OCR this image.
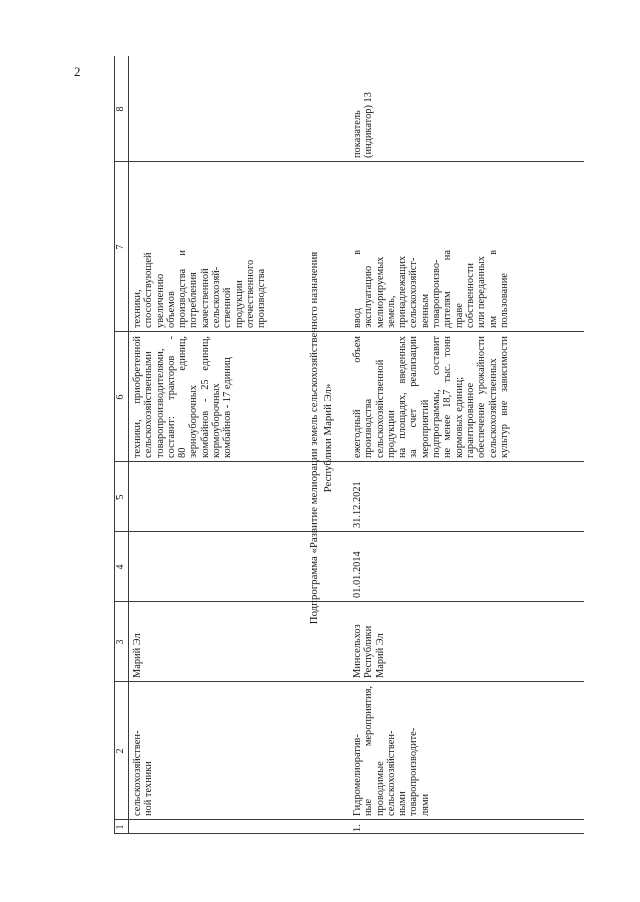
2
1
2
3
4
5
6
7
8
сельскохозяйствен- ной техники
Марий Эл
техники,
приобретенной сельскохозяйственными товаропроизводителями, составит:
тракторов
-
80
единиц,
зерноуборочных комбайнов
-
25
единиц,
кормоуборочных комбайнов - 17 единиц
техники, способствующей увеличению объемов производства
и
потребления качественной сельскохозяй- ственной продукции отечественного производства	Подпрограмма «Развитие мелиорации земель сельскохозяйственного назначения Республики Марий Эл»
1.
Гидромелиоратив- ные
мероприятия,
проводимые сельскохозяйствен- ными товаропроизводите- лями
Минсельхоз Республики Марий Эл
01.01.2014
31.12.2021
ежегодный
объем
производства сельскохозяйственной продукции на
площадях,
введенных
за
счет
реализации
мероприятий подпрограммы,
составит
не
менее
18,7
тыс.
тонн
кормовых единиц; гарантированное обеспечение
урожайности сельскохозяйственных культур
вне
зависимости
ввод
в
эксплуатацию мелиорируемых земель, принадлежащих сельскохозяйст- венным товаропроизво- дителям
на
праве собственности или переданных им
в
пользование
показатель (индикатор) 13
